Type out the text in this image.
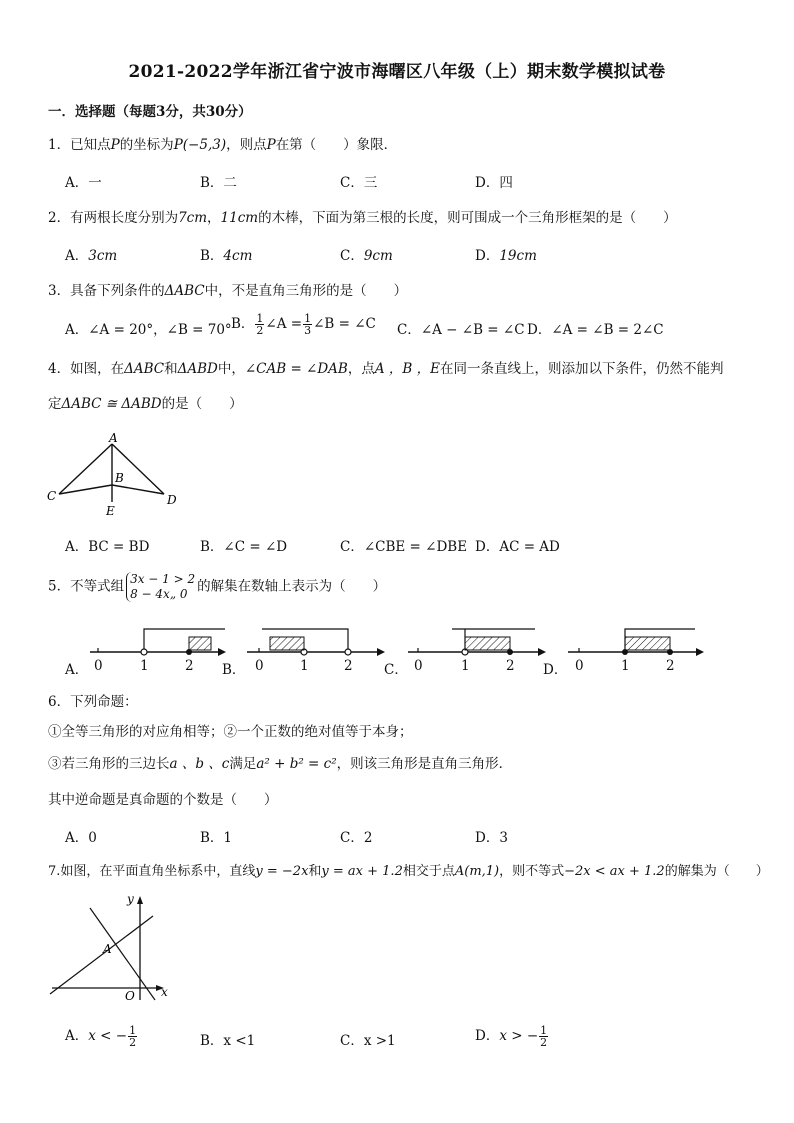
2021-2022学年浙江省宁波市海曙区八年级（上）期末数学模拟试卷
一．选择题（每题3分，共30分）
1．已知点P的坐标为P(−5,3)，则点P在第（　　）象限．
A．一	B．二	C．三	D．四
2．有两根长度分别为7cm，11cm的木棒，下面为第三根的长度，则可围成一个三角形框架的是（　　）
A．3cm	B．4cm	C．9cm	D．19cm
3．具备下列条件的ΔABC中，不是直角三角形的是（　　）
A．∠A = 20°，∠B = 70° B． $\frac{1}{2}$ ∠A = $\frac{1}{3}$ ∠B = ∠C C．∠A − ∠B = ∠C D．∠A = ∠B = 2∠C
4．如图，在ΔABC和ΔABD中，∠CAB = ∠DAB，点A ，B ，E在同一条直线上，则添加以下条件，仍然不能判
定ΔABC ≅ ΔABD的是（　　）
A
B
C	D
E
A．BC = BD	B．∠C = ∠D	C．∠CBE = ∠DBE D．AC = AD
5．不等式组 3x − 1 > 2
8 − 4x„ 0 的解集在数轴上表示为（　　）
A． 0	1	2 B． 0	1	2 C． 0	1	2 D． 0	1	2
6．下列命题：
①全等三角形的对应角相等；②一个正数的绝对值等于本身；
③若三角形的三边长a 、b 、c满足a² + b² = c²，则该三角形是直角三角形．
其中逆命题是真命题的个数是（　　）
A．0	B．1	C．2	D．3
7.如图，在平面直角坐标系中，直线y = −2x和y = ax + 1.2相交于点A(m,1)，则不等式−2x < ax + 1.2的解集为（　　）
y
x
A
O
A．x < − $\frac{1}{2}$	B．x <1	C．x >1	D．x > − $\frac{1}{2}$
